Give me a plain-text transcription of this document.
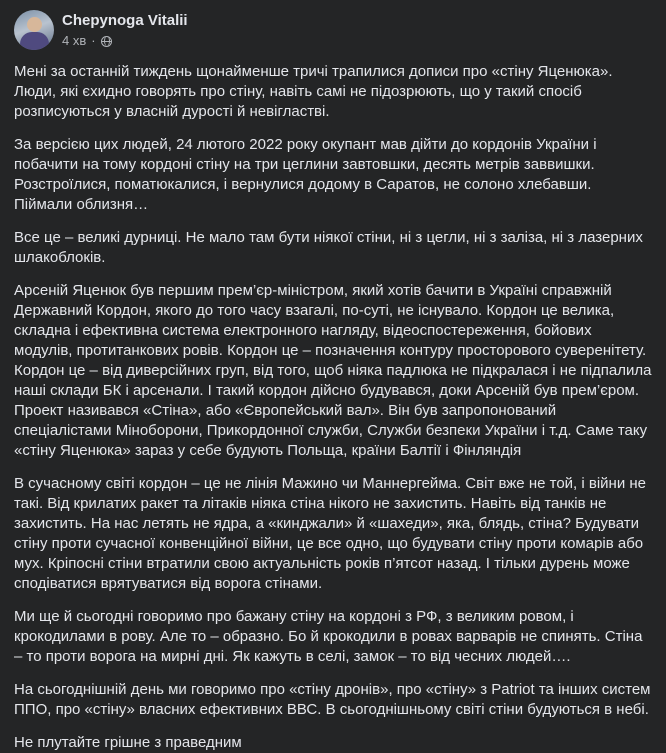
Chepynoga Vitalii
4 хв ·

Мені за останній тиждень щонайменше тричі трапилися дописи про «стіну Яценюка». Люди, які єхидно говорять про стіну, навіть самі не підозрюють, що у такий спосіб розписуються у власній дурості й невігластві.

За версією цих людей, 24 лютого 2022 року окупант мав дійти до кордонів України і побачити на тому кордоні стіну на три цеглини завтовшки, десять метрів заввишки. Розстроїлися, поматюкалися, і вернулися додому в Саратов, не солоно хлебавши. Піймали облизня…

Все це – великі дурниці. Не мало там бути ніякої стіни, ні з цегли, ні з заліза, ні з лазерних шлакоблоків.

Арсеній Яценюк був першим прем’єр-міністром, який хотів бачити в Україні справжній Державний Кордон, якого до того часу взагалі, по-суті, не існувало. Кордон це велика, складна і ефективна система електронного нагляду, відеоспостереження, бойових модулів, протитанкових ровів. Кордон це – позначення контуру просторового суверенітету. Кордон це – від диверсійних груп, від того, щоб ніяка падлюка не підкралася і не підпалила наші склади БК і арсенали. І такий кордон дійсно будувався, доки Арсеній був прем’єром. Проект називався «Стіна», або «Європейський вал». Він був запропонований спеціалістами Міноборони, Прикордонної служби, Служби безпеки України і т.д. Саме таку «стіну Яценюка» зараз у себе будують Польща, країни Балтії і Фінляндія

В сучасному світі кордон – це не лінія Мажино чи Маннергейма. Світ вже не той, і війни не такі. Від крилатих ракет та літаків ніяка стіна нікого не захистить. Навіть від танків не захистить. На нас летять не ядра, а «кинджали» й «шахеди», яка, блядь, стіна? Будувати стіну проти сучасної конвенційної війни, це все одно, що будувати стіну проти комарів або мух. Кріпосні стіни втратили свою актуальність років п’ятсот назад. І тільки дурень може сподіватися врятуватися від ворога стінами.

Ми ще й сьогодні говоримо про бажану стіну на кордоні з РФ, з великим ровом, і крокодилами в рову. Але то – образно. Бо й крокодили в ровах варварів не спинять. Стіна – то проти ворога на мирні дні. Як кажуть в селі, замок – то від чесних людей….

На сьогоднішній день ми говоримо про «стіну дронів», про «стіну» з Patriot та інших систем ППО, про «стіну» власних ефективних ВВС. В сьогоднішньому світі стіни будуються в небі.

Не плутайте грішне з праведним
